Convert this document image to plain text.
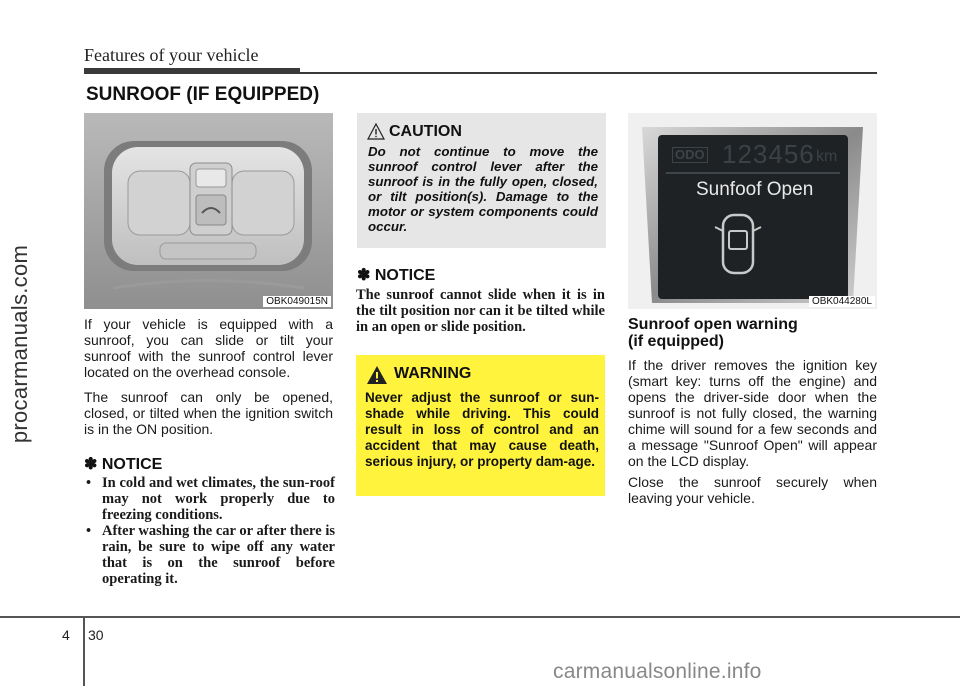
Features of your vehicle
procarmanuals.com
SUNROOF (IF EQUIPPED)
OBK049015N
If your vehicle is equipped with a sunroof, you can slide or tilt your sunroof with the sunroof control lever located on the overhead console.
The sunroof can only be opened, closed, or tilted when the ignition switch is in the ON position.
✽ NOTICE
• In cold and wet climates, the sun-roof may not work properly due to freezing conditions.
• After washing the car or after there is rain, be sure to wipe off any water that is on the sunroof before operating it.
CAUTION
Do not continue to move the sunroof control lever after the sunroof is in the fully open, closed, or tilt position(s). Damage to the motor or system components could occur.
✽ NOTICE
The sunroof cannot slide when it is in the tilt position nor can it be tilted while in an open or slide position.
WARNING
Never adjust the sunroof or sun-shade while driving. This could result in loss of control and an accident that may cause death, serious injury, or property dam-age.
ODO 123456 km
Sunfoof Open
OBK044280L
Sunroof open warning
(if equipped)
If the driver removes the ignition key (smart key: turns off the engine) and opens the driver-side door when the sunroof is not fully closed, the warning chime will sound for a few seconds and a message "Sunroof Open" will appear on the LCD display.
Close the sunroof securely when leaving your vehicle.
4 30
carmanualsonline.info
